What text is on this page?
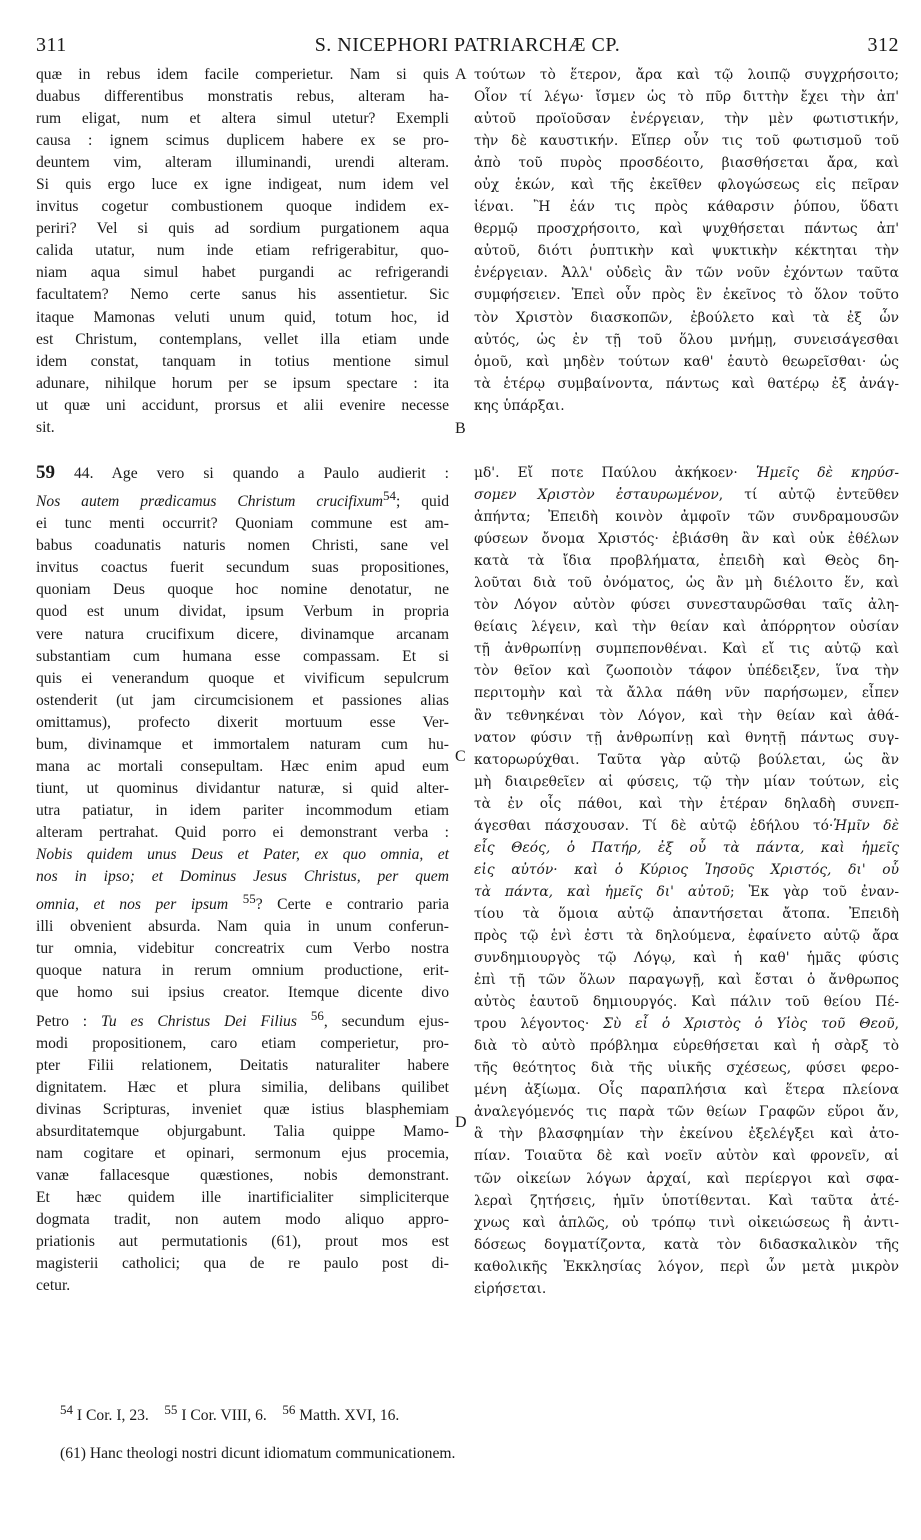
311	S. NICEPHORI PATRIARCHÆ CP.	312
A
B
C
D
quæ in rebus idem facile comperietur. Nam si quis
duabus differentibus monstratis rebus, alteram ha-
rum eligat, num et altera simul utetur? Exempli
causa : ignem scimus duplicem habere ex se pro-
deuntem vim, alteram illuminandi, urendi alteram.
Si quis ergo luce ex igne indigeat, num idem vel
invitus cogetur combustionem quoque indidem ex-
periri? Vel si quis ad sordium purgationem aqua
calida utatur, num inde etiam refrigerabitur, quo-
niam aqua simul habet purgandi ac refrigerandi
facultatem? Nemo certe sanus his assentietur. Sic
itaque Mamonas veluti unum quid, totum hoc, id
est Christum, contemplans, vellet illa etiam unde
idem constat, tanquam in totius mentione simul
adunare, nihilque horum per se ipsum spectare : ita
ut quæ uni accidunt, prorsus et alii evenire necesse
sit.
59 44. Age vero si quando a Paulo audierit :
Nos autem prædicamus Christum crucifixum$^{54}$; quid
ei tunc menti occurrit? Quoniam commune est am-
babus coadunatis naturis nomen Christi, sane vel
invitus coactus fuerit secundum suas propositiones,
quoniam Deus quoque hoc nomine denotatur, ne
quod est unum dividat, ipsum Verbum in propria
vere natura crucifixum dicere, divinamque arcanam
substantiam cum humana esse compassam. Et si
quis ei venerandum quoque et vivificum sepulcrum
ostenderit (ut jam circumcisionem et passiones alias
omittamus), profecto dixerit mortuum esse Ver-
bum, divinamque et immortalem naturam cum hu-
mana ac mortali consepultam. Hæc enim apud eum
tiunt, ut quominus dividantur naturæ, si quid alter-
utra patiatur, in idem pariter incommodum etiam
alteram pertrahat. Quid porro ei demonstrant verba :
Nobis quidem unus Deus et Pater, ex quo omnia, et
nos in ipso; et Dominus Jesus Christus, per quem
omnia, et nos per ipsum $^{55}$? Certe e contrario paria
illi obvenient absurda. Nam quia in unum conferun-
tur omnia, videbitur concreatrix cum Verbo nostra
quoque natura in rerum omnium productione, erit-
que homo sui ipsius creator. Itemque dicente divo
Petro : Tu es Christus Dei Filius $^{56}$, secundum ejus-
modi propositionem, caro etiam comperietur, pro-
pter Filii relationem, Deitatis naturaliter habere
dignitatem. Hæc et plura similia, delibans quilibet
divinas Scripturas, inveniet quæ istius blasphemiam
absurditatemque objurgabunt. Talia quippe Mamo-
nam cogitare et opinari, sermonum ejus procemia,
vanæ fallacesque quæstiones, nobis demonstrant.
Et hæc quidem ille inartificialiter simpliciterque
dogmata tradit, non autem modo aliquo appro-
priationis aut permutationis (61), prout mos est
magisterii catholici; qua de re paulo post di-
cetur.
τούτων τὸ ἕτερον, ἄρα καὶ τῷ λοιπῷ συγχρήσοιτο;
Οἷον τί λέγω· ἴσμεν ὡς τὸ πῦρ διττὴν ἔχει τὴν ἀπ'
αὐτοῦ προϊοῦσαν ἐνέργειαν, τὴν μὲν φωτιστικήν,
τὴν δὲ καυστικήν. Εἴπερ οὖν τις τοῦ φωτισμοῦ τοῦ
ἀπὸ τοῦ πυρὸς προσδέοιτο, βιασθήσεται ἄρα, καὶ
οὐχ ἑκών, καὶ τῆς ἐκεῖθεν φλογώσεως εἰς πεῖραν
ἰέναι. Ἢ ἐάν τις πρὸς κάθαρσιν ῥύπου, ὕδατι
θερμῷ προσχρήσοιτο, καὶ ψυχθήσεται πάντως ἀπ'
αὐτοῦ, διότι ῥυπτικὴν καὶ ψυκτικὴν κέκτηται τὴν
ἐνέργειαν. Ἀλλ' οὐδεὶς ἂν τῶν νοῦν ἐχόντων ταῦτα
συμφήσειεν. Ἐπεὶ οὖν πρὸς ἓν ἐκεῖνος τὸ ὅλον τοῦτο
τὸν Χριστὸν διασκοπῶν, ἐβούλετο καὶ τὰ ἐξ ὧν
αὐτός, ὡς ἐν τῇ τοῦ ὅλου μνήμῃ, συνεισάγεσθαι
ὁμοῦ, καὶ μηδὲν τούτων καθ' ἑαυτὸ θεωρεῖσθαι· ὡς
τὰ ἑτέρῳ συμβαίνοντα, πάντως καὶ θατέρῳ ἐξ ἀνάγ-
κης ὑπάρξαι.
μδ'. Εἴ ποτε Παύλου ἀκήκοεν· Ἡμεῖς δὲ κηρύσ-
σομεν Χριστὸν ἐσταυρωμένον, τί αὐτῷ ἐντεῦθεν
ἀπήντα; Ἐπειδὴ κοινὸν ἀμφοῖν τῶν συνδραμουσῶν
φύσεων ὄνομα Χριστός· ἐβιάσθη ἂν καὶ οὐκ ἐθέλων
κατὰ τὰ ἴδια προβλήματα, ἐπειδὴ καὶ Θεὸς δη-
λοῦται διὰ τοῦ ὀνόματος, ὡς ἂν μὴ διέλοιτο ἕν, καὶ
τὸν Λόγον αὐτὸν φύσει συνεσταυρῶσθαι ταῖς ἀλη-
θείαις λέγειν, καὶ τὴν θείαν καὶ ἀπόρρητον οὐσίαν
τῇ ἀνθρωπίνῃ συμπεπονθέναι. Καὶ εἴ τις αὐτῷ καὶ
τὸν θεῖον καὶ ζωοποιὸν τάφον ὑπέδειξεν, ἵνα τὴν
περιτομὴν καὶ τὰ ἄλλα πάθη νῦν παρήσωμεν, εἶπεν
ἂν τεθνηκέναι τὸν Λόγον, καὶ τὴν θείαν καὶ ἀθά-
νατον φύσιν τῇ ἀνθρωπίνῃ καὶ θνητῇ πάντως συγ-
κατορωρύχθαι. Ταῦτα γὰρ αὐτῷ βούλεται, ὡς ἂν
μὴ διαιρεθεῖεν αἱ φύσεις, τῷ τὴν μίαν τούτων, εἰς
τὰ ἐν οἷς πάθοι, καὶ τὴν ἑτέραν δηλαδὴ συνεπ-
άγεσθαι πάσχουσαν. Τί δὲ αὐτῷ ἐδήλου τό·Ἡμῖν δὲ
εἷς Θεός, ὁ Πατήρ, ἐξ οὗ τὰ πάντα, καὶ ἡμεῖς
εἰς αὐτόν· καὶ ὁ Κύριος Ἰησοῦς Χριστός, δι' οὗ
τὰ πάντα, καὶ ἡμεῖς δι' αὐτοῦ; Ἐκ γὰρ τοῦ ἐναν-
τίου τὰ ὅμοια αὐτῷ ἀπαντήσεται ἄτοπα. Ἐπειδὴ
πρὸς τῷ ἑνὶ ἐστι τὰ δηλούμενα, ἐφαίνετο αὐτῷ ἄρα
συνδημιουργὸς τῷ Λόγῳ, καὶ ἡ καθ' ἡμᾶς φύσις
ἐπὶ τῇ τῶν ὅλων παραγωγῇ, καὶ ἔσται ὁ ἄνθρωπος
αὐτὸς ἑαυτοῦ δημιουργός. Καὶ πάλιν τοῦ θείου Πέ-
τρου λέγοντος· Σὺ εἶ ὁ Χριστὸς ὁ Υἱὸς τοῦ Θεοῦ,
διὰ τὸ αὐτὸ πρόβλημα εὑρεθήσεται καὶ ἡ σὰρξ τὸ
τῆς θεότητος διὰ τῆς υἱικῆς σχέσεως, φύσει φερο-
μένη ἀξίωμα. Οἷς παραπλήσια καὶ ἕτερα πλείονα
ἀναλεγόμενός τις παρὰ τῶν θείων Γραφῶν εὕροι ἄν,
ἃ τὴν βλασφημίαν τὴν ἐκείνου ἐξελέγξει καὶ ἀτο-
πίαν. Τοιαῦτα δὲ καὶ νοεῖν αὐτὸν καὶ φρονεῖν, αἱ
τῶν οἰκείων λόγων ἀρχαί, καὶ περίεργοι καὶ σφα-
λεραὶ ζητήσεις, ἡμῖν ὑποτίθενται. Καὶ ταῦτα ἀτέ-
χνως καὶ ἁπλῶς, οὐ τρόπῳ τινὶ οἰκειώσεως ἢ ἀντι-
δόσεως δογματίζοντα, κατὰ τὸν διδασκαλικὸν τῆς
καθολικῆς Ἐκκλησίας λόγον, περὶ ὧν μετὰ μικρὸν
εἰρήσεται.
$^{54}$ I Cor. I, 23. $^{55}$ I Cor. VIII, 6. $^{56}$ Matth. XVI, 16.
(61) Hanc theologi nostri dicunt idiomatum communicationem.
